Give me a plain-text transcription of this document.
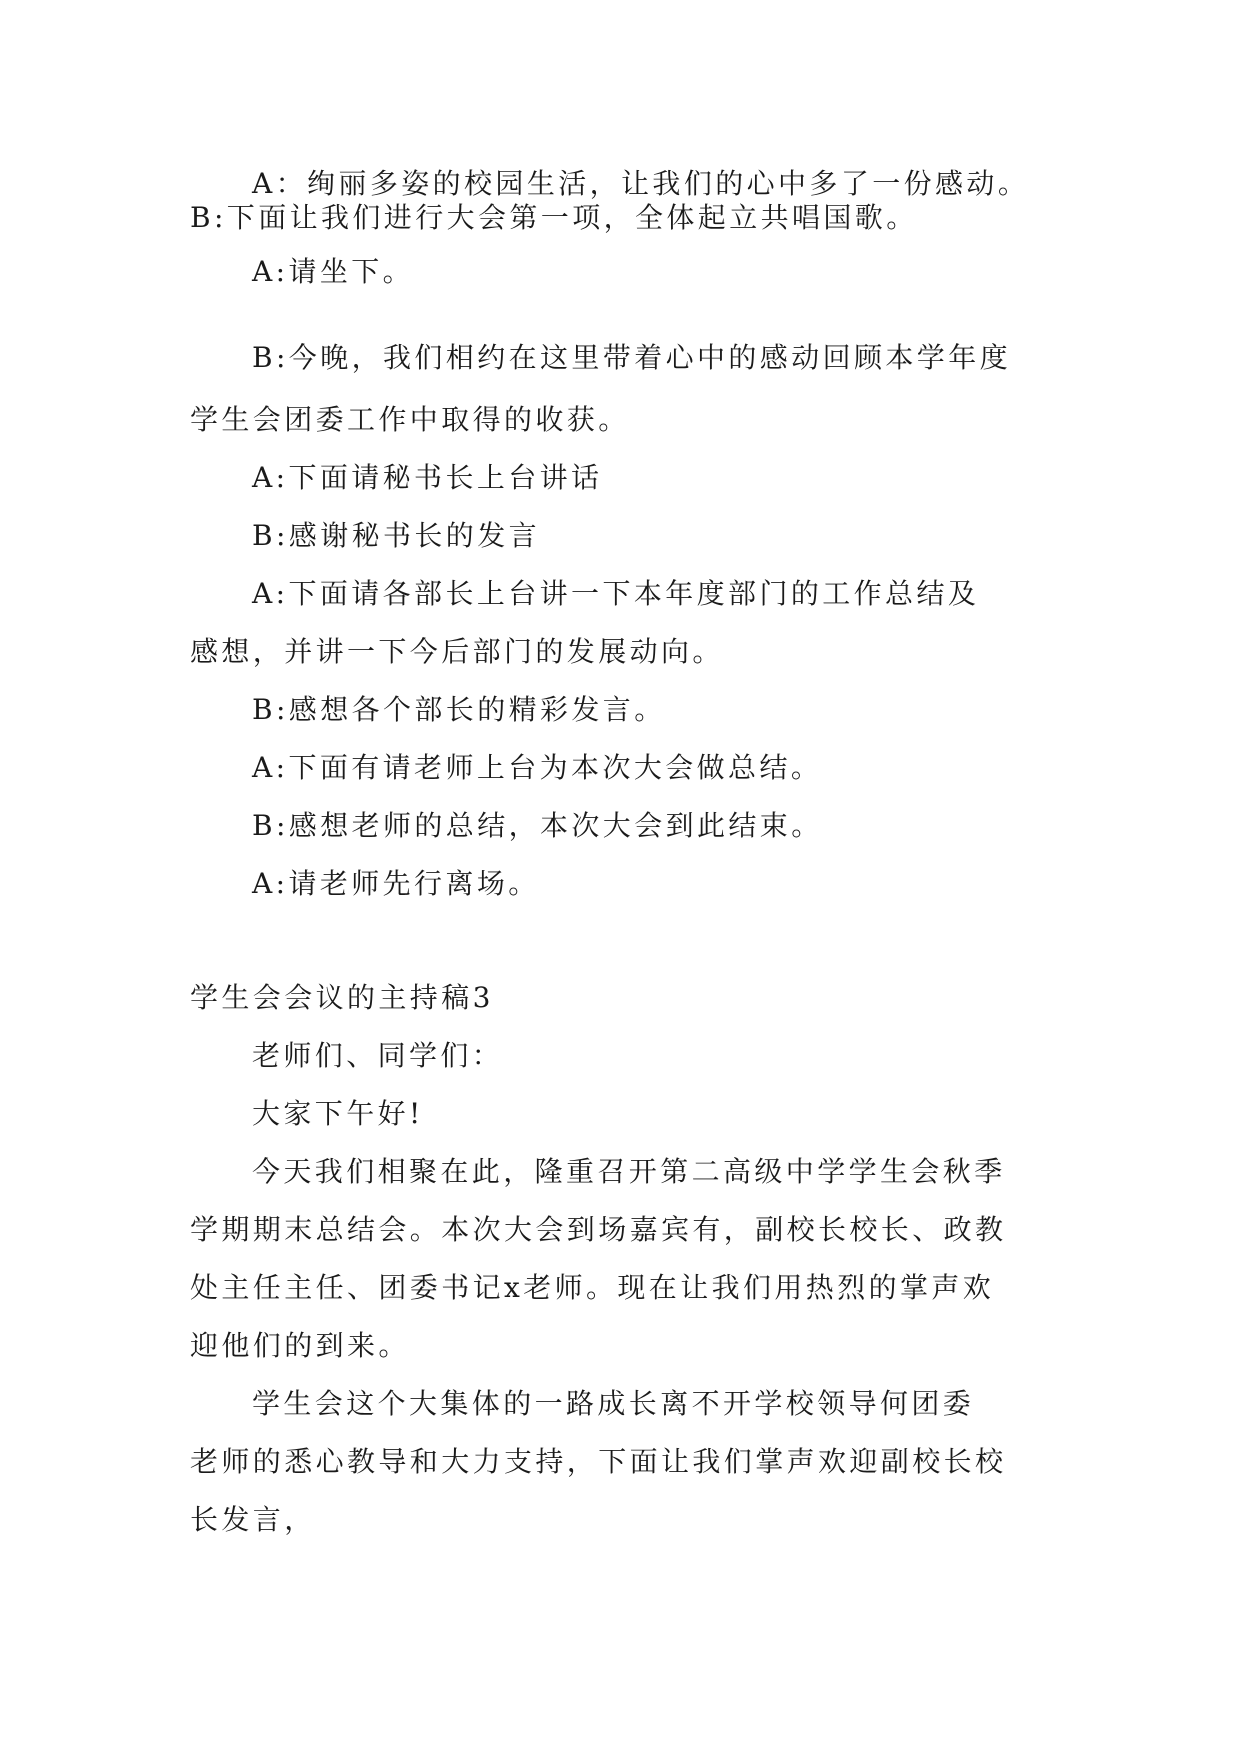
A：绚丽多姿的校园生活，让我们的心中多了一份感动。
B:下面让我们进行大会第一项，全体起立共唱国歌。
A:请坐下。
B:今晚，我们相约在这里带着心中的感动回顾本学年度
学生会团委工作中取得的收获。
A:下面请秘书长上台讲话
B:感谢秘书长的发言
A:下面请各部长上台讲一下本年度部门的工作总结及
感想，并讲一下今后部门的发展动向。
B:感想各个部长的精彩发言。
A:下面有请老师上台为本次大会做总结。
B:感想老师的总结，本次大会到此结束。
A:请老师先行离场。
学生会会议的主持稿3
老师们、同学们：
大家下午好!
今天我们相聚在此，隆重召开第二高级中学学生会秋季
学期期末总结会。本次大会到场嘉宾有，副校长校长、政教
处主任主任、团委书记x老师。现在让我们用热烈的掌声欢
迎他们的到来。
学生会这个大集体的一路成长离不开学校领导何团委
老师的悉心教导和大力支持，下面让我们掌声欢迎副校长校
长发言，
